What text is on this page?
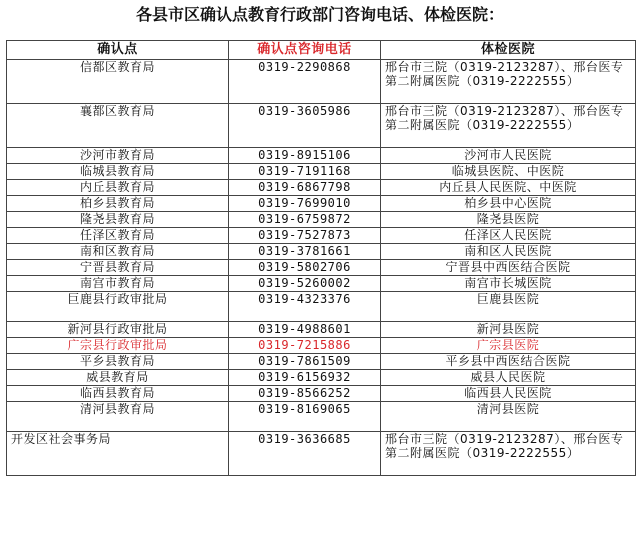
各县市区确认点教育行政部门咨询电话、体检医院：
确认点	确认点咨询电话	体检医院
信都区教育局	0319-2290868	邢台市三院（0319-2123287）、邢台医专第二附属医院（0319-2222555）
襄都区教育局	0319-3605986	邢台市三院（0319-2123287）、邢台医专第二附属医院（0319-2222555）
沙河市教育局	0319-8915106	沙河市人民医院
临城县教育局	0319-7191168	临城县医院、中医院
内丘县教育局	0319-6867798	内丘县人民医院、中医院
柏乡县教育局	0319-7699010	柏乡县中心医院
隆尧县教育局	0319-6759872	隆尧县医院
任泽区教育局	0319-7527873	任泽区人民医院
南和区教育局	0319-3781661	南和区人民医院
宁晋县教育局	0319-5802706	宁晋县中西医结合医院
南宫市教育局	0319-5260002	南宫市长城医院
巨鹿县行政审批局	0319-4323376	巨鹿县医院
新河县行政审批局	0319-4988601	新河县医院
广宗县行政审批局	0319-7215886	广宗县医院
平乡县教育局	0319-7861509	平乡县中西医结合医院
威县教育局	0319-6156932	威县人民医院
临西县教育局	0319-8566252	临西县人民医院
清河县教育局	0319-8169065	清河县医院
开发区社会事务局	0319-3636685	邢台市三院（0319-2123287）、邢台医专第二附属医院（0319-2222555）
